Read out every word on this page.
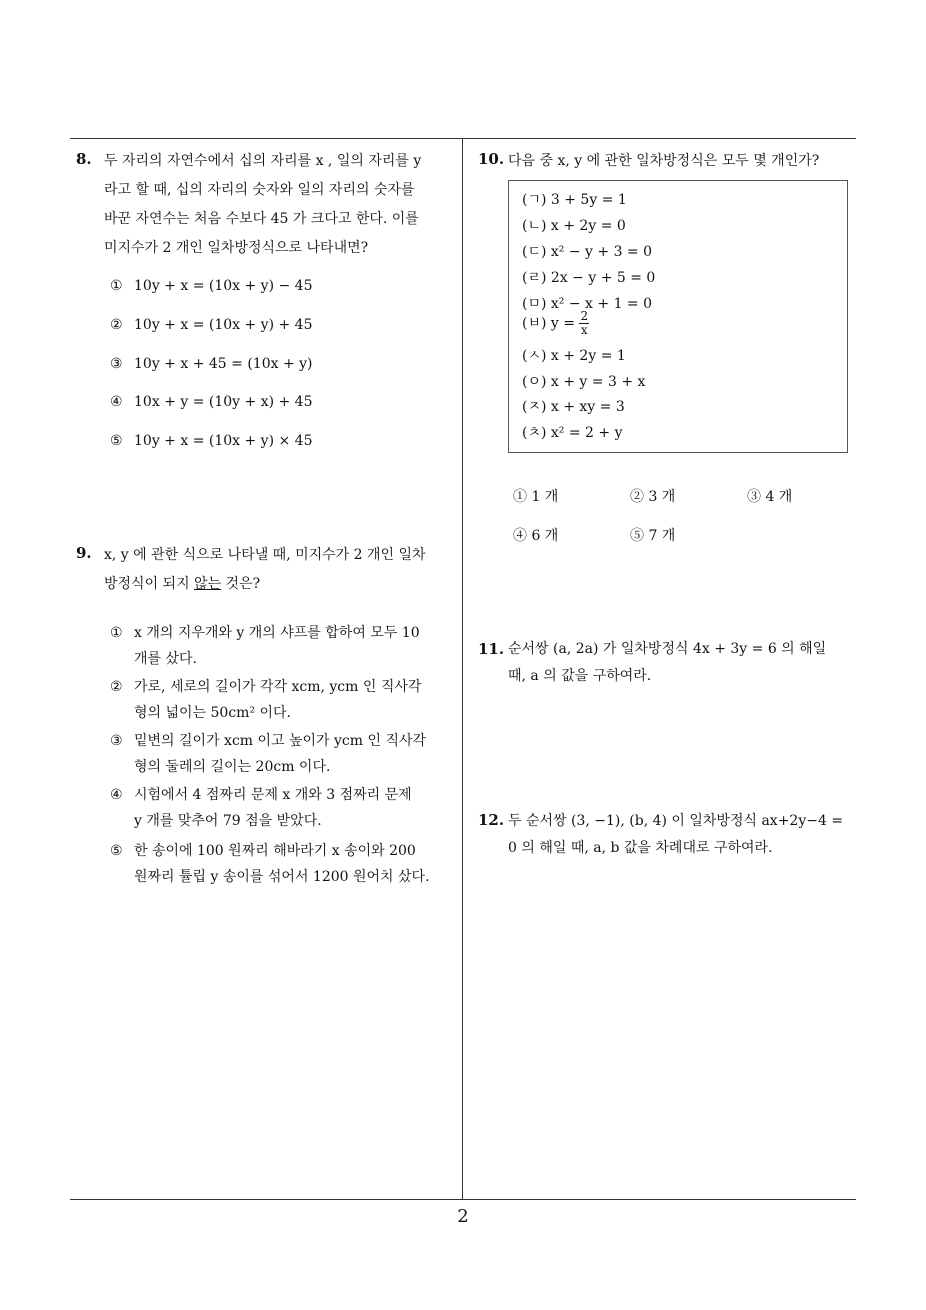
8. 두 자리의 자연수에서 십의 자리를 x , 일의 자리를 y
라고 할 때, 십의 자리의 숫자와 일의 자리의 숫자를
바꾼 자연수는 처음 수보다 45 가 크다고 한다. 이를
미지수가 2 개인 일차방정식으로 나타내면?
① 10y + x = (10x + y) − 45
② 10y + x = (10x + y) + 45
③ 10y + x + 45 = (10x + y)
④ 10x + y = (10y + x) + 45
⑤ 10y + x = (10x + y) × 45
9. x, y 에 관한 식으로 나타낼 때, 미지수가 2 개인 일차
방정식이 되지 않는 것은?
① x 개의 지우개와 y 개의 샤프를 합하여 모두 10
개를 샀다.
② 가로, 세로의 길이가 각각 xcm, ycm 인 직사각
형의 넓이는 50cm² 이다.
③ 밑변의 길이가 xcm 이고 높이가 ycm 인 직사각
형의 둘레의 길이는 20cm 이다.
④ 시험에서 4 점짜리 문제 x 개와 3 점짜리 문제
y 개를 맞추어 79 점을 받았다.
⑤ 한 송이에 100 원짜리 해바라기 x 송이와 200
원짜리 튤립 y 송이를 섞어서 1200 원어치 샀다.
10. 다음 중 x, y 에 관한 일차방정식은 모두 몇 개인가?
(ㄱ) 3 + 5y = 1
(ㄴ) x + 2y = 0
(ㄷ) x² − y + 3 = 0
(ㄹ) 2x − y + 5 = 0
(ㅁ) x² − x + 1 = 0
(ㅂ) $y = \frac{2}{x}$
(ㅅ) x + 2y = 1
(ㅇ) x + y = 3 + x
(ㅈ) x + xy = 3
(ㅊ) x² = 2 + y
① 1 개	② 3 개	③ 4 개
④ 6 개	⑤ 7 개
11. 순서쌍 (a, 2a) 가 일차방정식 4x + 3y = 6 의 해일
때, a 의 값을 구하여라.
12. 두 순서쌍 (3, −1), (b, 4) 이 일차방정식 ax+2y−4 =
0 의 해일 때, a, b 값을 차례대로 구하여라.
2
